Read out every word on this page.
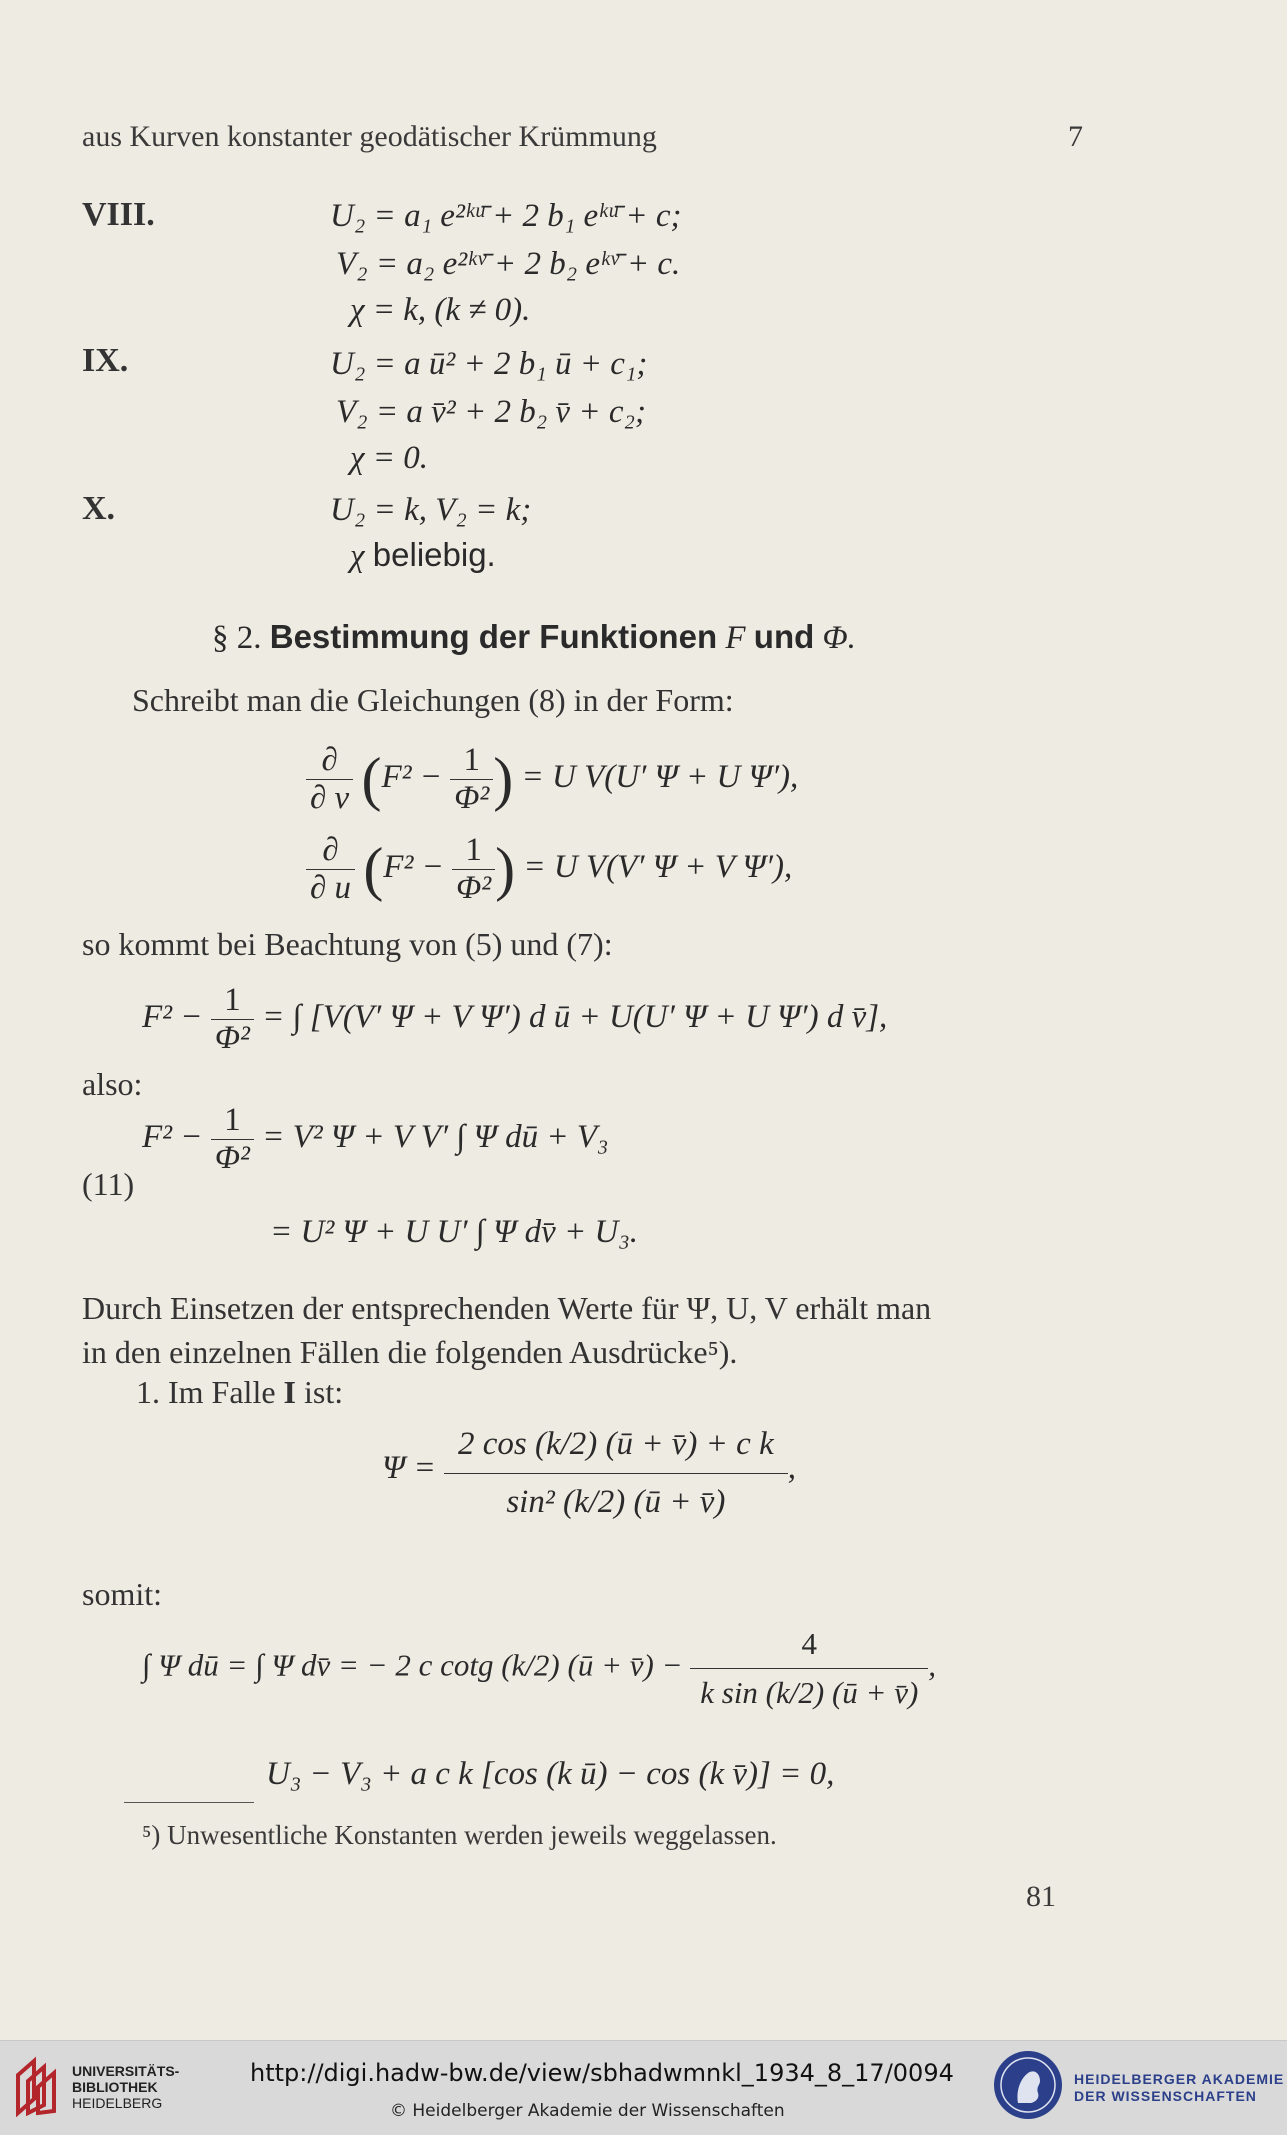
aus Kurven konstanter geodätischer Krümmung	7
VIII.	U₂ = a₁ e²ᵏᵘ̄ + 2 b₁ eᵏᵘ̄ + c;
V₂ = a₂ e²ᵏᵛ̄ + 2 b₂ eᵏᵛ̄ + c.
χ = k, (k ≠ 0).
IX.	U₂ = a ū² + 2 b₁ ū + c₁;
V₂ = a v̄² + 2 b₂ v̄ + c₂;
χ = 0.
X.	U₂ = k, V₂ = k;
χ beliebig.
§ 2. Bestimmung der Funktionen F und Φ.
Schreibt man die Gleichungen (8) in der Form:
$\frac{\partial}{\partial v} (F^2 - \frac{1}{\text{Φ²}}$ ) = U V(U′ Ψ + U Ψ′),
$\frac{\partial}{\partial u} (F^2 - \frac{1}{\text{Φ²}}$ ) = U V(V′ Ψ + V Ψ′),
so kommt bei Beachtung von (5) und (7):
$F^2 - \frac{1}{\text{Φ²}}$ = ∫ [V(V′ Ψ + V Ψ′) d ū + U(U′ Ψ + U Ψ′) d v̄],
also:
$F^2 - \frac{1}{\text{Φ²}} = V^2$ Ψ + V V′ ∫ Ψ dū + V₃
(11)
= U² Ψ + U U′ ∫ Ψ dv̄ + U₃.
Durch Einsetzen der entsprechenden Werte für Ψ, U, V erhält man
in den einzelnen Fällen die folgenden Ausdrücke⁵).
1. Im Falle I ist:
$\Psi = \frac{\text{2 cos (k/2) (ū + v̄) + c k}}{\text{sin² (k/2) (ū + v̄)}}$ ,
somit:
∫ Ψ dū = ∫ Ψ dv̄ = − 2 c cotg (k/2) (ū + v̄) − $\frac{4}{\text{k sin (k/2) (ū + v̄)}}$ ,
U₃ − V₃ + a c k [cos (k ū) − cos (k v̄)] = 0,
⁵) Unwesentliche Konstanten werden jeweils weggelassen.
81
UNIVERSITÄTS-
BIBLIOTHEK
HEIDELBERG
http://digi.hadw-bw.de/view/sbhadwmnkl_1934_8_17/0094
© Heidelberger Akademie der Wissenschaften
HEIDELBERGER AKADEMIE
DER WISSENSCHAFTEN
